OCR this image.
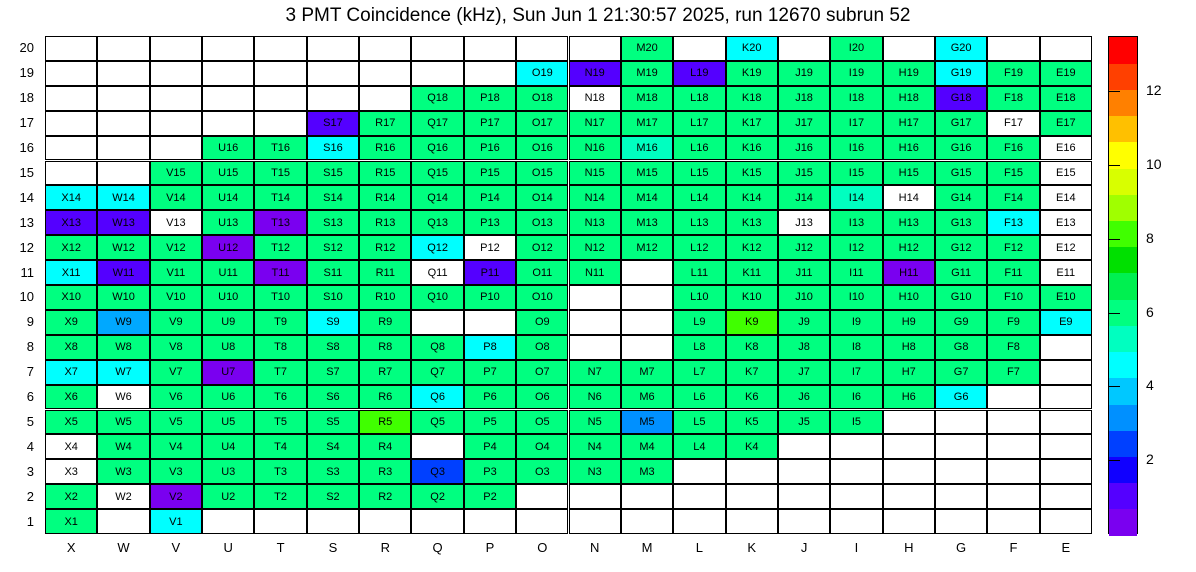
3 PMT Coincidence (kHz), Sun Jun 1 21:30:57 2025, run 12670 subrun 52
X1	V1
X2	W2	V2	U2	T2	S2	R2	Q2	P2
X3	W3	V3	U3	T3	S3	R3	Q3	P3	O3	N3	M3
X4	W4	V4	U4	T4	S4	R4	P4	O4	N4	M4	L4	K4
X5	W5	V5	U5	T5	S5	R5	Q5	P5	O5	N5	M5	L5	K5	J5	I5
X6	W6	V6	U6	T6	S6	R6	Q6	P6	O6	N6	M6	L6	K6	J6	I6	H6	G6
X7	W7	V7	U7	T7	S7	R7	Q7	P7	O7	N7	M7	L7	K7	J7	I7	H7	G7	F7
X8	W8	V8	U8	T8	S8	R8	Q8	P8	O8	L8	K8	J8	I8	H8	G8	F8
X9	W9	V9	U9	T9	S9	R9	O9	L9	K9	J9	I9	H9	G9	F9	E9
X10	W10	V10	U10	T10	S10	R10	Q10	P10	O10	L10	K10	J10	I10	H10	G10	F10	E10
X11	W11	V11	U11	T11	S11	R11	Q11	P11	O11	N11	L11	K11	J11	I11	H11	G11	F11	E11
X12	W12	V12	U12	T12	S12	R12	Q12	P12	O12	N12	M12	L12	K12	J12	I12	H12	G12	F12	E12
X13	W13	V13	U13	T13	S13	R13	Q13	P13	O13	N13	M13	L13	K13	J13	I13	H13	G13	F13	E13
X14	W14	V14	U14	T14	S14	R14	Q14	P14	O14	N14	M14	L14	K14	J14	I14	H14	G14	F14	E14
V15	U15	T15	S15	R15	Q15	P15	O15	N15	M15	L15	K15	J15	I15	H15	G15	F15	E15
U16	T16	S16	R16	Q16	P16	O16	N16	M16	L16	K16	J16	I16	H16	G16	F16	E16
S17	R17	Q17	P17	O17	N17	M17	L17	K17	J17	I17	H17	G17	F17	E17
Q18	P18	O18	N18	M18	L18	K18	J18	I18	H18	G18	F18	E18
O19	N19	M19	L19	K19	J19	I19	H19	G19	F19	E19
M20	K20	I20	G20
X	W	V	U	T	S	R	Q	P	O	N	M	L	K	J	I	H	G	F	E
1
2
3
4
5
6
7
8
9
10
11
12
13
14
15
16
17
18
19
20
2
4
6
8
10
12
